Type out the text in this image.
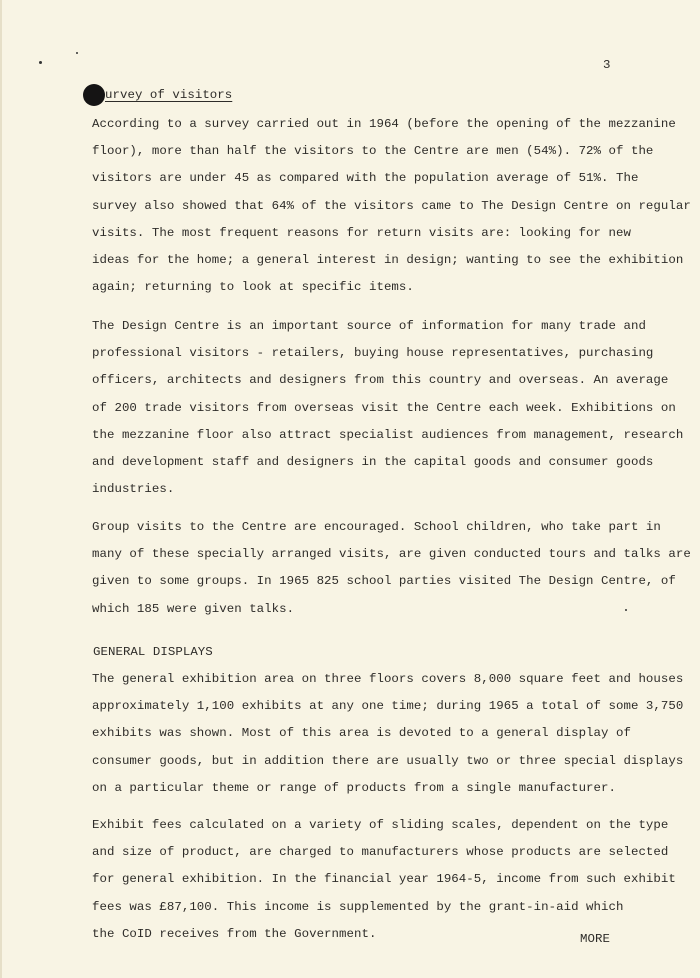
3
urvey of visitors
According to a survey carried out in 1964 (before the opening of the mezzanine
floor), more than half the visitors to the Centre are men (54%). 72% of the
visitors are under 45 as compared with the population average of 51%. The
survey also showed that 64% of the visitors came to The Design Centre on regular
visits. The most frequent reasons for return visits are: looking for new
ideas for the home; a general interest in design; wanting to see the exhibition
again; returning to look at specific items.
The Design Centre is an important source of information for many trade and
professional visitors - retailers, buying house representatives, purchasing
officers, architects and designers from this country and overseas. An average
of 200 trade visitors from overseas visit the Centre each week. Exhibitions on
the mezzanine floor also attract specialist audiences from management, research
and development staff and designers in the capital goods and consumer goods
industries.
Group visits to the Centre are encouraged. School children, who take part in
many of these specially arranged visits, are given conducted tours and talks are
given to some groups. In 1965 825 school parties visited The Design Centre, of
which 185 were given talks.
GENERAL DISPLAYS
The general exhibition area on three floors covers 8,000 square feet and houses
approximately 1,100 exhibits at any one time; during 1965 a total of some 3,750
exhibits was shown. Most of this area is devoted to a general display of
consumer goods, but in addition there are usually two or three special displays
on a particular theme or range of products from a single manufacturer.
Exhibit fees calculated on a variety of sliding scales, dependent on the type
and size of product, are charged to manufacturers whose products are selected
for general exhibition. In the financial year 1964-5, income from such exhibit
fees was £87,100. This income is supplemented by the grant-in-aid which
the CoID receives from the Government.	MORE
